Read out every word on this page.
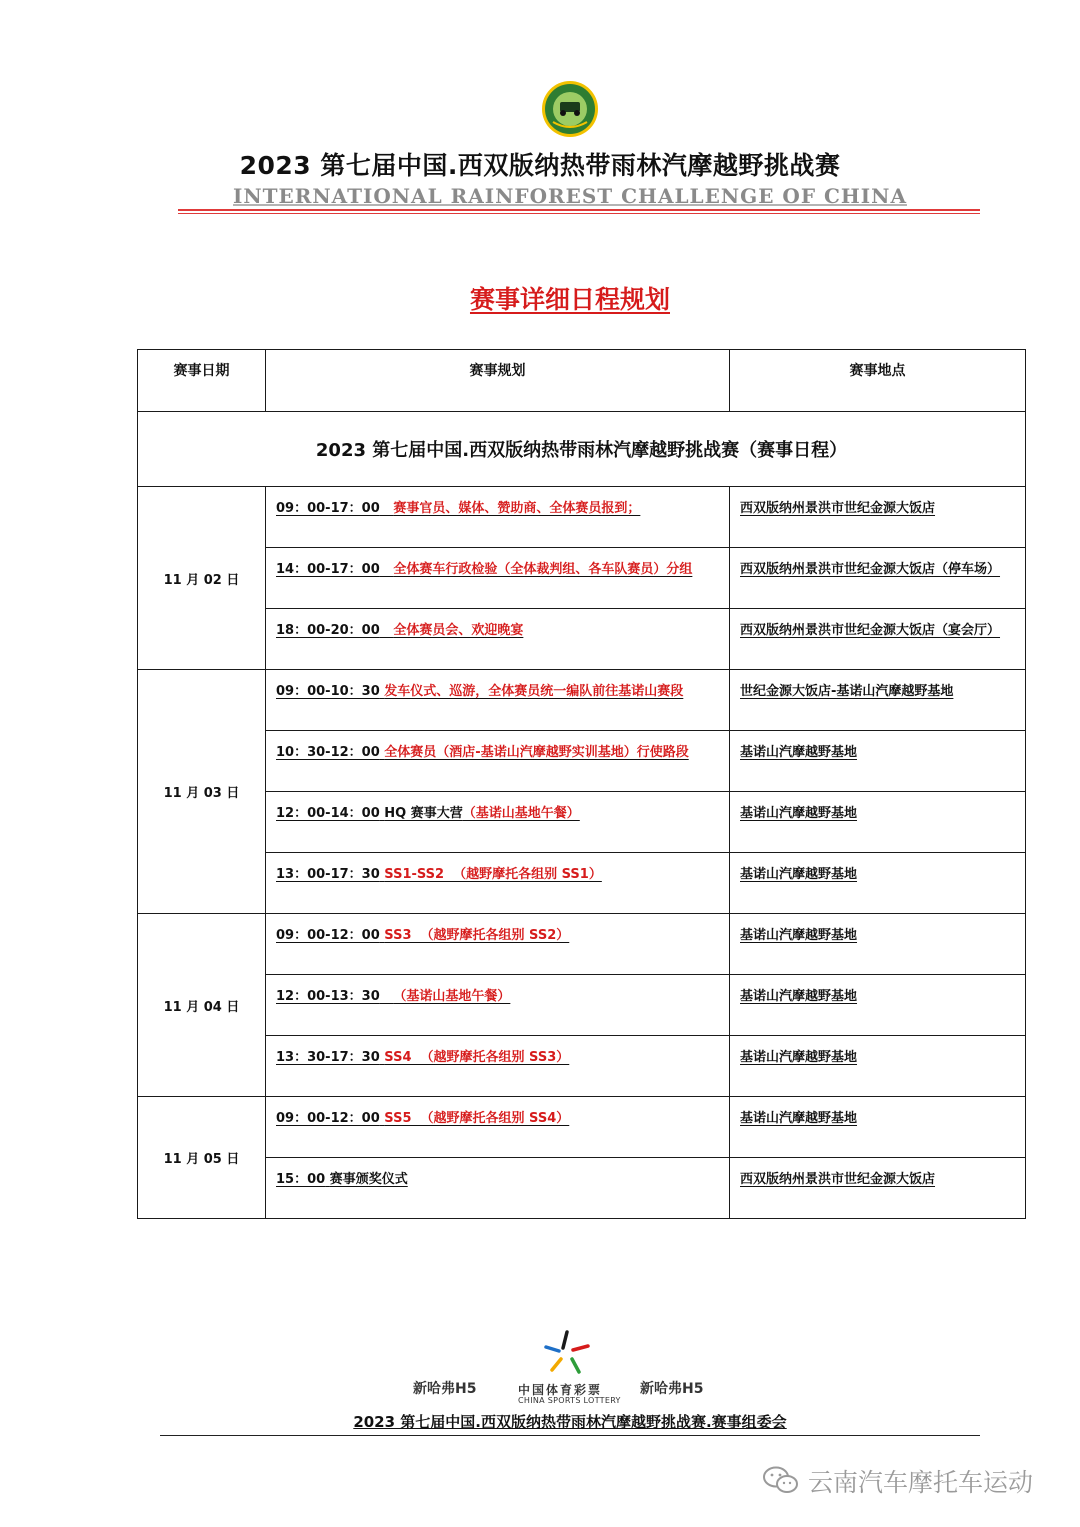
2023 第七届中国.西双版纳热带雨林汽摩越野挑战赛
INTERNATIONAL RAINFOREST CHALLENGE OF CHINA
赛事详细日程规划
赛事日期	赛事规划	赛事地点
2023 第七届中国.西双版纳热带雨林汽摩越野挑战赛（赛事日程）		
11 月 02 日	09：00-17：00 赛事官员、媒体、赞助商、全体赛员报到；	西双版纳州景洪市世纪金源大饭店
	14：00-17：00 全体赛车行政检验（全体裁判组、各车队赛员）分组	西双版纳州景洪市世纪金源大饭店（停车场）
	18：00-20：00 全体赛员会、欢迎晚宴	西双版纳州景洪市世纪金源大饭店（宴会厅）
11 月 03 日	09：00-10：30 发车仪式、巡游，全体赛员统一编队前往基诺山赛段	世纪金源大饭店-基诺山汽摩越野基地
	10：30-12：00 全体赛员（酒店-基诺山汽摩越野实训基地）行使路段	基诺山汽摩越野基地
	12：00-14：00 HQ 赛事大营（基诺山基地午餐）	基诺山汽摩越野基地
	13：00-17：30 SS1-SS2  （越野摩托各组别 SS1）	基诺山汽摩越野基地
11 月 04 日	09：00-12：00 SS3  （越野摩托各组别 SS2）	基诺山汽摩越野基地
	12：00-13：30 （基诺山基地午餐）	基诺山汽摩越野基地
	13：30-17：30 SS4  （越野摩托各组别 SS3）	基诺山汽摩越野基地
11 月 05 日	09：00-12：00 SS5  （越野摩托各组别 SS4）	基诺山汽摩越野基地
	15：00 赛事颁奖仪式	西双版纳州景洪市世纪金源大饭店
新哈弗H5	中国体育彩票
CHINA SPORTS LOTTERY
新哈弗H5
2023 第七届中国.西双版纳热带雨林汽摩越野挑战赛.赛事组委会
云南汽车摩托车运动
